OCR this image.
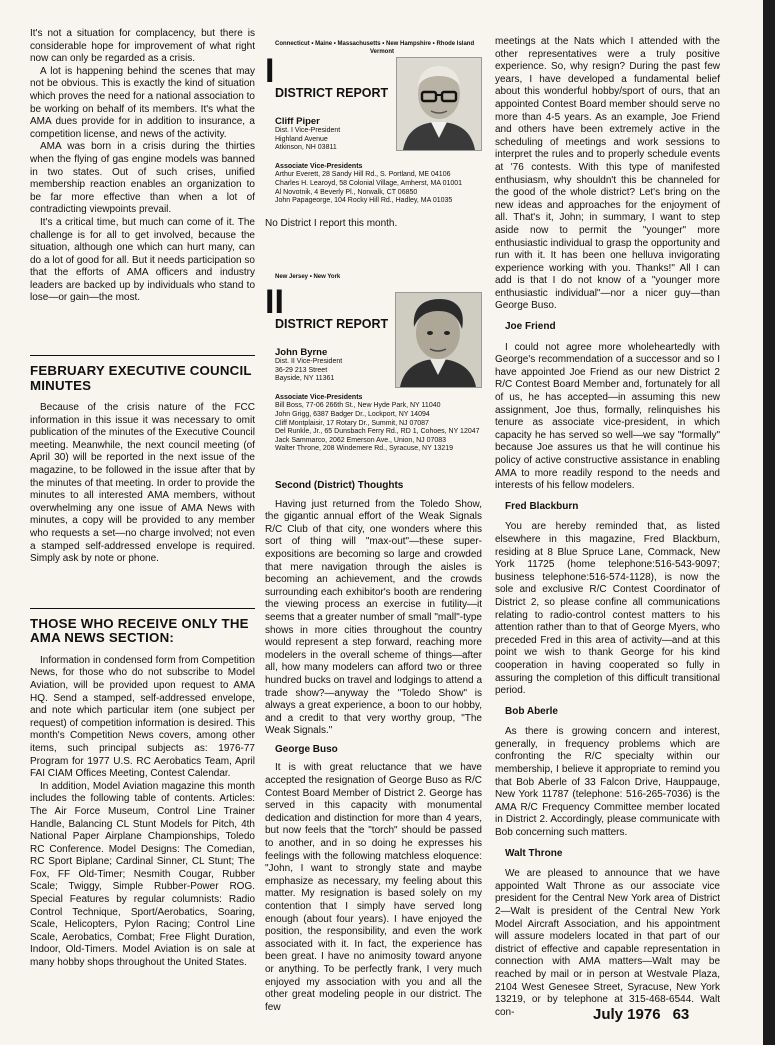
It's not a situation for complacency, but there is considerable hope for improvement of what right now can only be regarded as a crisis.

A lot is happening behind the scenes that may not be obvious. This is exactly the kind of situation which proves the need for a national association to be working on behalf of its members. It's what the AMA dues provide for in addition to insurance, a competition license, and news of the activity.

AMA was born in a crisis during the thirties when the flying of gas engine models was banned in two states. Out of such crises, unified membership reaction enables an organization to be far more effective than when a lot of contradicting viewpoints prevail.

It's a critical time, but much can come of it. The challenge is for all to get involved, because the situation, although one which can hurt many, can do a lot of good for all. But it needs participation so that the efforts of AMA officers and industry leaders are backed up by individuals who stand to lose—or gain—the most.

FEBRUARY EXECUTIVE COUNCIL MINUTES

Because of the crisis nature of the FCC information in this issue it was necessary to omit publication of the minutes of the Executive Council meeting. Meanwhile, the next council meeting (of April 30) will be reported in the next issue of the magazine, to be followed in the issue after that by the minutes of that meeting. In order to provide the minutes to all interested AMA members, without overwhelming any one issue of AMA News with minutes, a copy will be provided to any member who requests a set—no charge involved; not even a stamped self-addressed envelope is required. Simply ask by note or phone.

THOSE WHO RECEIVE ONLY THE AMA NEWS SECTION:

Information in condensed form from Competition News, for those who do not subscribe to Model Aviation, will be provided upon request to AMA HQ. Send a stamped, self-addressed envelope, and note which particular item (one subject per request) of competition information is desired. This month's Competition News covers, among other items, such principal subjects as: 1976-77 Program for 1977 U.S. RC Aerobatics Team, April FAI CIAM Offices Meeting, Contest Calendar.

In addition, Model Aviation magazine this month includes the following table of contents. Articles: The Air Force Museum, Control Line Trainer Handle, Balancing CL Stunt Models for Pitch, 4th National Paper Airplane Championships, Toledo RC Conference. Model Designs: The Comedian, RC Sport Biplane; Cardinal Sinner, CL Stunt; The Fox, FF Old-Timer; Nesmith Cougar, Rubber Scale; Twiggy, Simple Rubber-Power ROG. Special Features by regular columnists: Radio Control Technique, Sport/Aerobatics, Soaring, Scale, Helicopters, Pylon Racing; Control Line Scale, Aerobatics, Combat; Free Flight Duration, Indoor, Old-Timers. Model Aviation is on sale at many hobby shops throughout the United States.

Connecticut • Maine • Massachusetts • New Hampshire • Rhode Island

Vermont

I

DISTRICT REPORT

Cliff Piper

Dist. I Vice-President

Highland Avenue

Atkinson, NH 03811

Associate Vice-Presidents

Arthur Everett, 28 Sandy Hill Rd., S. Portland, ME 04106

Charles H. Learoyd, 58 Colonial Village, Amherst, MA 01001

Al Novotnik, 4 Beverly Pl., Norwalk, CT 06850

John Papageorge, 104 Rocky Hill Rd., Hadley, MA 01035

No District I report this month.

New Jersey • New York

II

DISTRICT REPORT

John Byrne

Dist. II Vice-President

36-29 213 Street

Bayside, NY 11361

Associate Vice-Presidents

Bill Boss, 77-06 266th St., New Hyde Park, NY 11040

John Grigg, 6387 Badger Dr., Lockport, NY 14094

Cliff Montplaisir, 17 Rotary Dr., Summit, NJ 07087

Del Runkle, Jr., 65 Dunsbach Ferry Rd., RD 1, Cohoes, NY 12047

Jack Sammarco, 2062 Emerson Ave., Union, NJ 07083

Walter Throne, 208 Windemere Rd., Syracuse, NY 13219

Second (District) Thoughts

Having just returned from the Toledo Show, the gigantic annual effort of the Weak Signals R/C Club of that city, one wonders where this sort of thing will "max-out"—these super-expositions are becoming so large and crowded that mere navigation through the aisles is becoming an achievement, and the crowds surrounding each exhibitor's booth are rendering the viewing process an exercise in futility—it seems that a greater number of small "mall"-type shows in more cities throughout the country would represent a step forward, reaching more modelers in the overall scheme of things—after all, how many modelers can afford two or three hundred bucks on travel and lodgings to attend a trade show?—anyway the "Toledo Show" is always a great experience, a boon to our hobby, and a credit to that very worthy group, "The Weak Signals."

George Buso

It is with great reluctance that we have accepted the resignation of George Buso as R/C Contest Board Member of District 2. George has served in this capacity with monumental dedication and distinction for more than 4 years, but now feels that the "torch" should be passed to another, and in so doing he expresses his feelings with the following matchless eloquence: "John, I want to strongly state and maybe emphasize as necessary, my feeling about this matter. My resignation is based solely on my contention that I simply have served long enough (about four years). I have enjoyed the position, the responsibility, and even the work associated with it. In fact, the experience has been great. I have no animosity toward anyone or anything. To be perfectly frank, I very much enjoyed my association with you and all the other great modeling people in our district. The few

meetings at the Nats which I attended with the other representatives were a truly positive experience. So, why resign? During the past few years, I have developed a fundamental belief about this wonderful hobby/sport of ours, that an appointed Contest Board member should serve no more than 4-5 years. As an example, Joe Friend and others have been extremely active in the scheduling of meetings and work sessions to interpret the rules and to properly schedule events at '76 contests. With this type of manifested enthusiasm, why shouldn't this be channeled for the good of the whole district? Let's bring on the new ideas and approaches for the enjoyment of all. That's it, John; in summary, I want to step aside now to permit the "younger" more enthusiastic individual to grasp the opportunity and run with it. It has been one helluva invigorating experience working with you. Thanks!" All I can add is that I do not know of a "younger more enthusiastic individual"—nor a nicer guy—than George Buso.

Joe Friend

I could not agree more wholeheartedly with George's recommendation of a successor and so I have appointed Joe Friend as our new District 2 R/C Contest Board Member and, fortunately for all of us, he has accepted—in assuming this new assignment, Joe thus, formally, relinquishes his tenure as associate vice-president, in which capacity he has served so well—we say "formally" because Joe assures us that he will continue his policy of active constructive assistance in enabling AMA to more readily respond to the needs and interests of his fellow modelers.

Fred Blackburn

You are hereby reminded that, as listed elsewhere in this magazine, Fred Blackburn, residing at 8 Blue Spruce Lane, Commack, New York 11725 (home telephone:516-543-9097; business telephone:516-574-1128), is now the sole and exclusive R/C Contest Coordinator of District 2, so please confine all communications relating to radio-control contest matters to his attention rather than to that of George Myers, who preceded Fred in this area of activity—and at this point we wish to thank George for his kind cooperation in having cooperated so fully in assuring the completion of this difficult transitional period.

Bob Aberle

As there is growing concern and interest, generally, in frequency problems which are confronting the R/C specialty within our membership, I believe it appropriate to remind you that Bob Aberle of 33 Falcon Drive, Hauppauge, New York 11787 (telephone: 516-265-7036) is the AMA R/C Frequency Committee member located in District 2. Accordingly, please communicate with Bob concerning such matters.

Walt Throne

We are pleased to announce that we have appointed Walt Throne as our associate vice president for the Central New York area of District 2—Walt is president of the Central New York Model Aircraft Association, and his appointment will assure modelers located in that part of our district of effective and capable representation in connection with AMA matters—Walt may be reached by mail or in person at Westvale Plaza, 2104 West Genesee Street, Syracuse, New York 13219, or by telephone at 315-468-6544. Walt con-	July 1976 63
